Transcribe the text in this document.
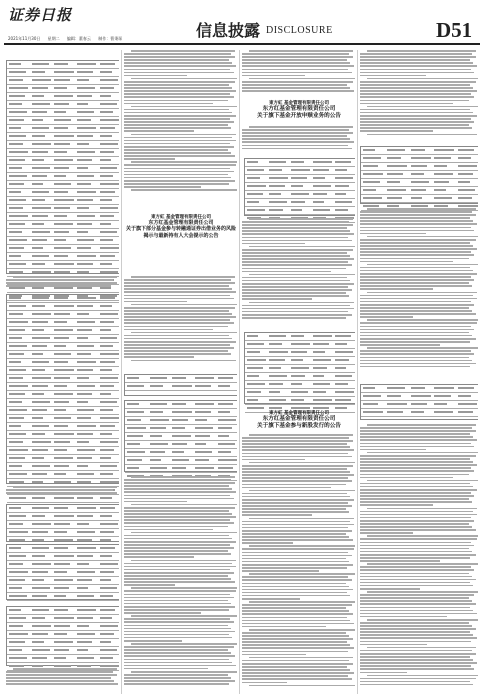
证券日报
2021年11月30日 星期二 编辑：董春云 制作：曹秉琛	信息披露 DISCLOSURE	D51
東方紅 基金管理有限责任公司
东方红基金管理有限责任公司
关于旗下部分基金参与转融通证券出借业务的风险揭示与最新持有人大会提示的公告
東方紅 基金管理有限责任公司
东方红基金管理有限责任公司
关于旗下基金开放申赎业务的公告
東方紅 基金管理有限责任公司
东方红基金管理有限责任公司
关于旗下基金参与新股发行的公告
